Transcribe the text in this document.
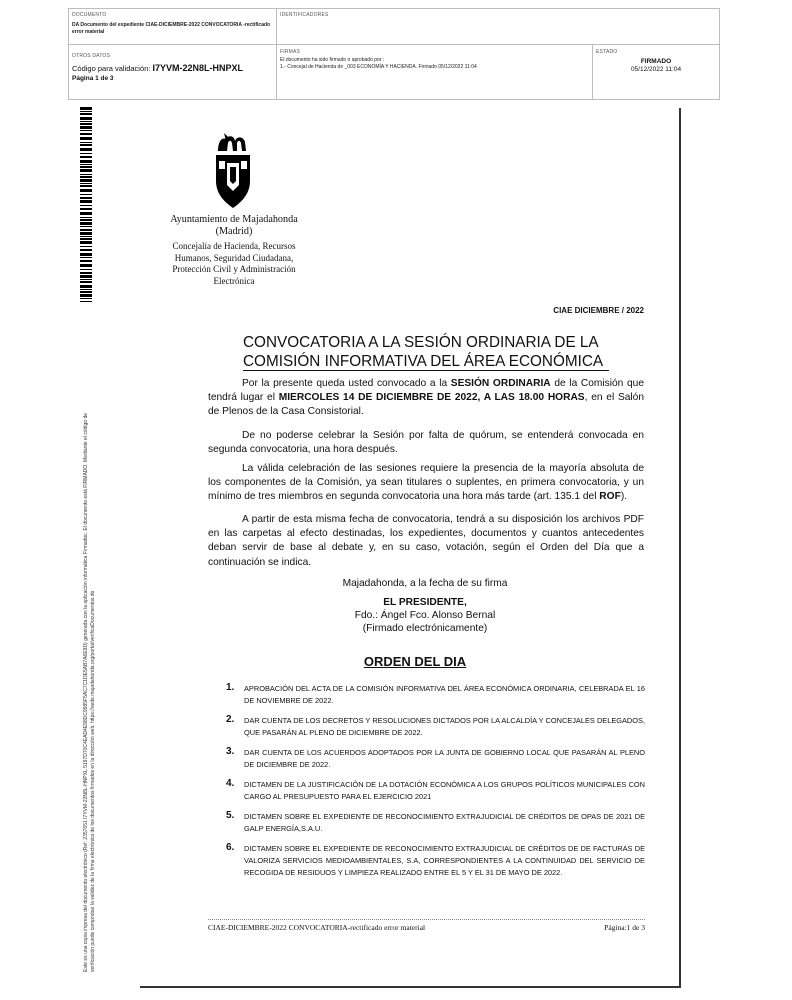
DOCUMENTO
DA Documento del expediente CIAE-DICIEMBRE-2022 CONVOCATORIA -rectificado error material
IDENTIFICADORES
OTROS DATOS
Código para validación: I7YVM-22N8L-HNPXL
Página 1 de 3
FIRMAS
El documento ha sido firmado o aprobado por :
1.- Concejal de Hacienda de _003 ECONOMÍA Y HACIENDA. Firmado 05/12/2022 11:04
ESTADO
FIRMADO
05/12/2022 11:04
Este es una copia impresa del documento electrónico (Ref: 2357651 I7YVM-22N8L-HNPXL 5197D70C4EAD4E98DC9985F5AC7C1DE5AB7A6E9D) generada con la aplicación informática Firmadoc. El documento está FIRMADO. Mediante el código de verificación puede comprobar la validez de la firma electrónica de los documentos firmados en la dirección web: https://sede.majadahonda.org/portal/verificaDocumentos.do
Ayuntamiento de Majadahonda
(Madrid)
Concejalía de Hacienda, Recursos
Humanos, Seguridad Ciudadana,
Protección Civil y Administración
Electrónica
CIAE DICIEMBRE / 2022
CONVOCATORIA A LA SESIÓN ORDINARIA DE LA
COMISIÓN INFORMATIVA DEL ÁREA ECONÓMICA
Por la presente queda usted convocado a la SESIÓN ORDINARIA de la Comisión que tendrá lugar el MIERCOLES 14 DE DICIEMBRE DE 2022, A LAS 18.00 HORAS, en el Salón de Plenos de la Casa Consistorial.
De no poderse celebrar la Sesión por falta de quórum, se entenderá convocada en segunda convocatoria, una hora después.
La válida celebración de las sesiones requiere la presencia de la mayoría absoluta de los componentes de la Comisión, ya sean titulares o suplentes, en primera convocatoria, y un mínimo de tres miembros en segunda convocatoria una hora más tarde (art. 135.1 del ROF).
A partir de esta misma fecha de convocatoria, tendrá a su disposición los archivos PDF en las carpetas al efecto destinadas, los expedientes, documentos y cuantos antecedentes deban servir de base al debate y, en su caso, votación, según el Orden del Día que a continuación se indica.
Majadahonda, a la fecha de su firma
EL PRESIDENTE,
Fdo.: Ángel Fco. Alonso Bernal
(Firmado electrónicamente)
ORDEN DEL DIA
1. APROBACIÓN DEL ACTA DE LA COMISIÓN INFORMATIVA DEL ÁREA ECONÓMICA ORDINARIA, CELEBRADA EL 16 DE NOVIEMBRE DE 2022.
2. DAR CUENTA DE LOS DECRETOS Y RESOLUCIONES DICTADOS POR LA ALCALDÍA Y CONCEJALES DELEGADOS, QUE PASARÁN AL PLENO DE DICIEMBRE DE 2022.
3. DAR CUENTA DE LOS ACUERDOS ADOPTADOS POR LA JUNTA DE GOBIERNO LOCAL QUE PASARÁN AL PLENO DE DICIEMBRE DE 2022.
4. DICTAMEN DE LA JUSTIFICACIÓN DE LA DOTACIÓN ECONÓMICA A LOS GRUPOS POLÍTICOS MUNICIPALES CON CARGO AL PRESUPUESTO PARA EL EJERCICIO 2021
5. DICTAMEN SOBRE EL EXPEDIENTE DE RECONOCIMIENTO EXTRAJUDICIAL DE CRÉDITOS DE OPAS DE 2021 DE GALP ENERGÍA,S.A.U.
6. DICTAMEN SOBRE EL EXPEDIENTE DE RECONOCIMIENTO EXTRAJUDICIAL DE CRÉDITOS DE DE FACTURAS DE VALORIZA SERVICIOS MEDIOAMBIENTALES, S.A, CORRESPONDIENTES A LA CONTINUIDAD DEL SERVICIO DE RECOGIDA DE RESIDUOS Y LIMPIEZA REALIZADO ENTRE EL 5 Y EL 31 DE MAYO DE 2022.
CIAE-DICIEMBRE-2022 CONVOCATORIA-rectificado error material	Página:1 de 3
